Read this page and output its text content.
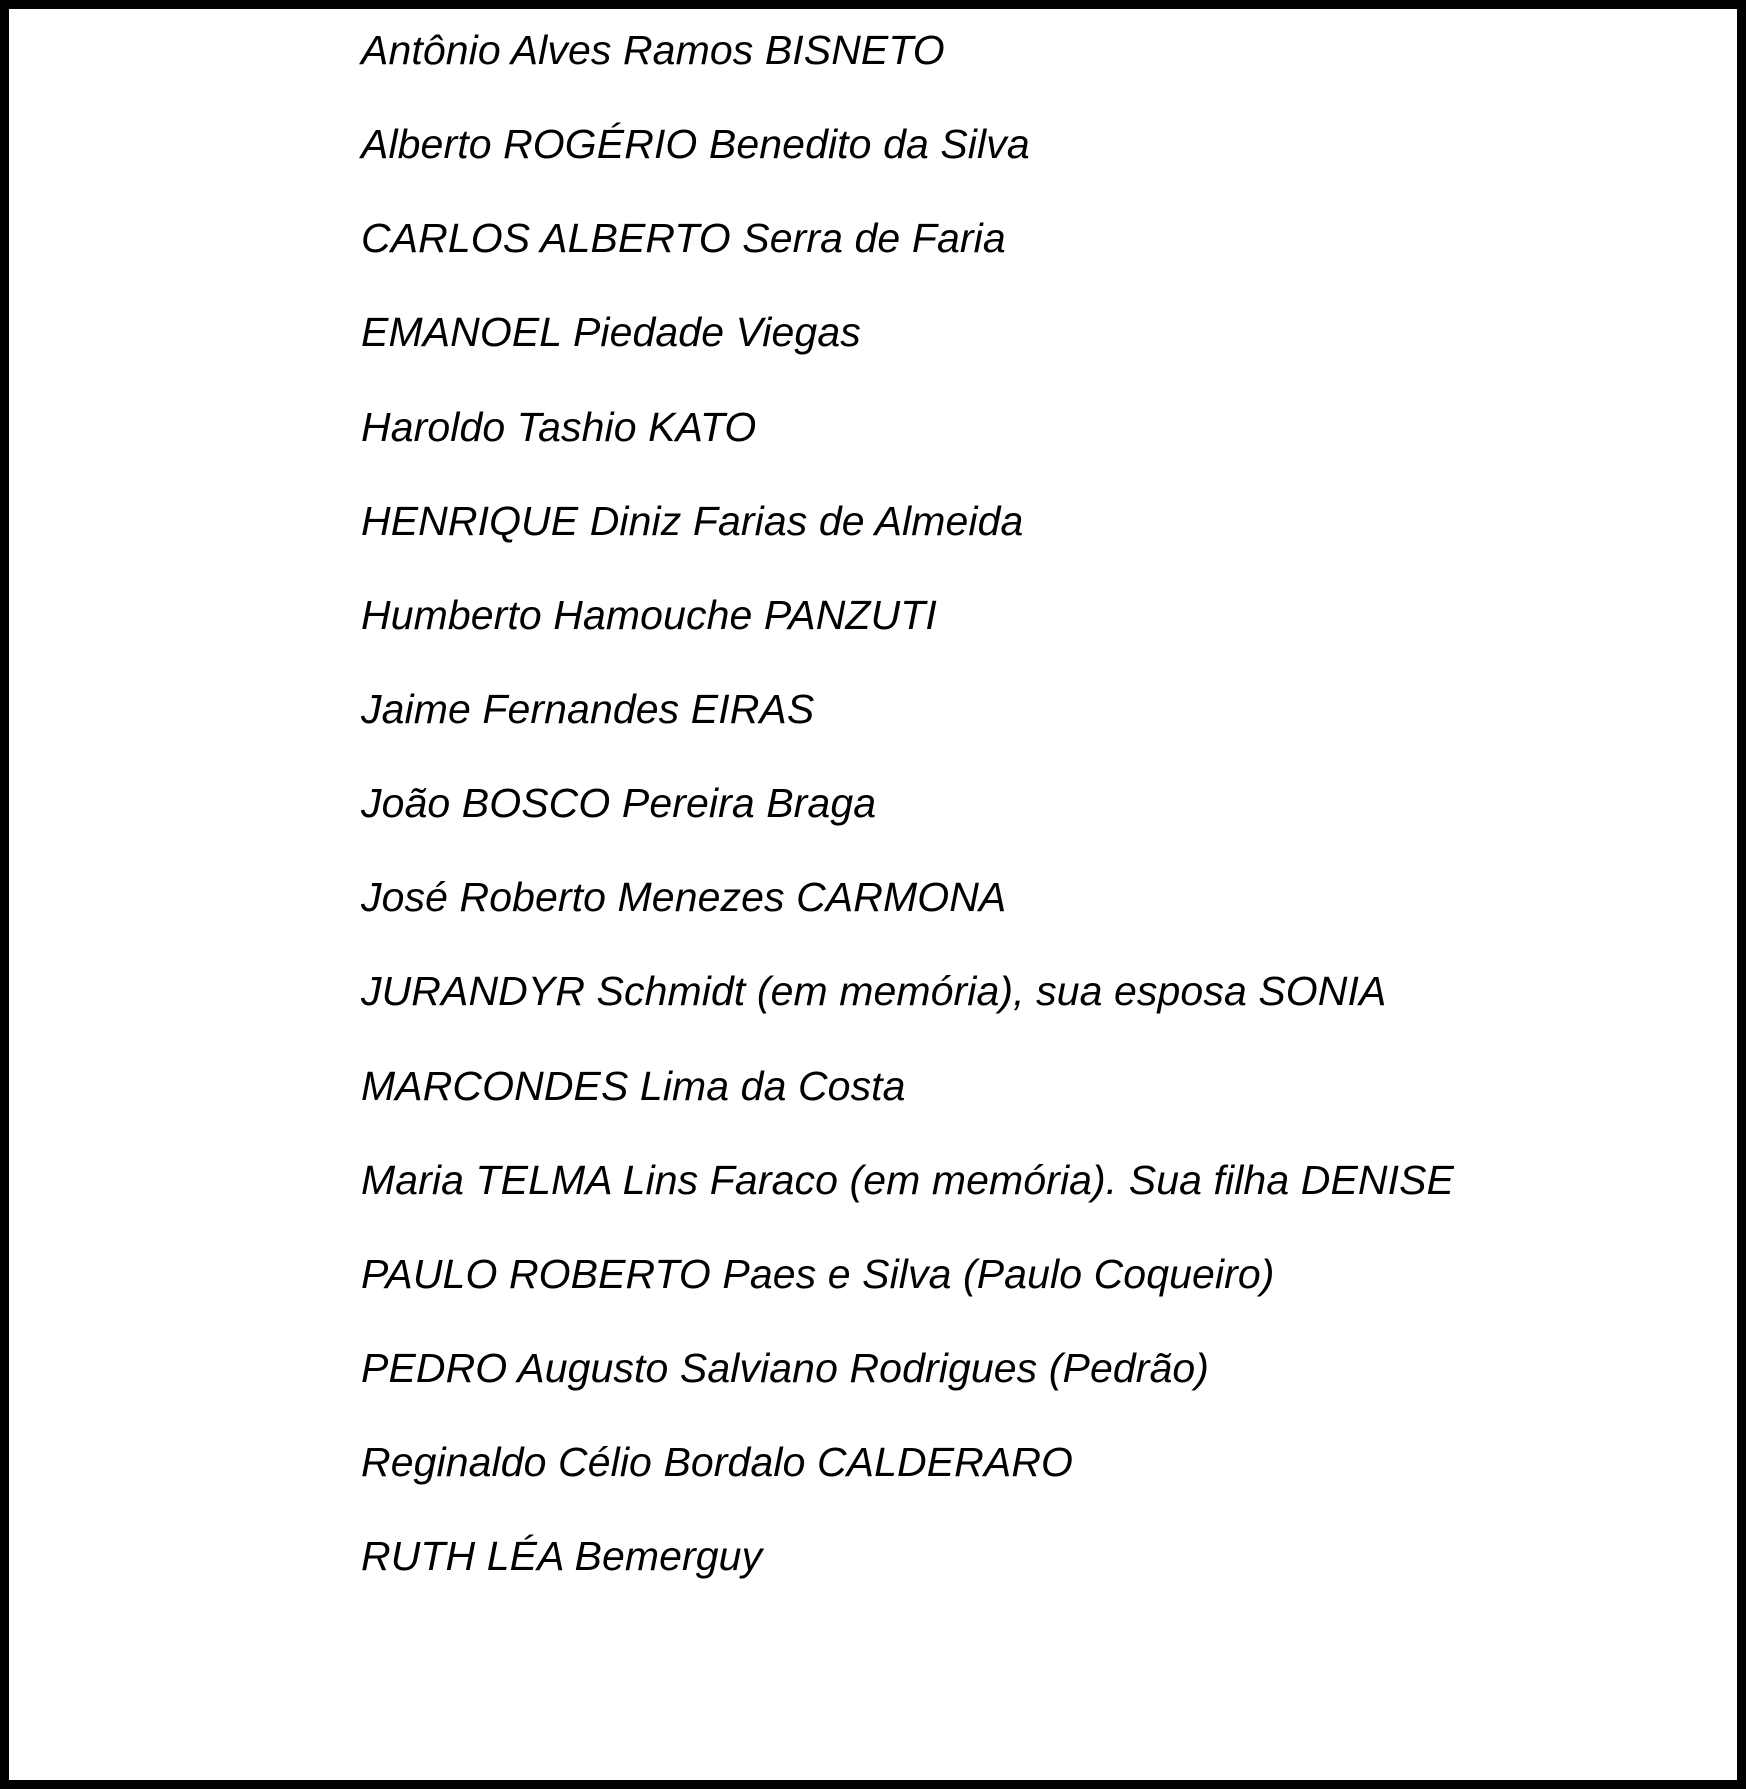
Antônio Alves Ramos BISNETO
Alberto ROGÉRIO Benedito da Silva
CARLOS ALBERTO Serra de Faria
EMANOEL Piedade Viegas
Haroldo Tashio KATO
HENRIQUE Diniz Farias de Almeida
Humberto Hamouche PANZUTI
Jaime Fernandes EIRAS
João BOSCO Pereira Braga
José Roberto Menezes CARMONA
JURANDYR Schmidt (em memória), sua esposa SONIA
MARCONDES Lima da Costa
Maria TELMA Lins Faraco (em memória). Sua filha DENISE
PAULO ROBERTO Paes e Silva (Paulo Coqueiro)
PEDRO Augusto Salviano Rodrigues (Pedrão)
Reginaldo Célio Bordalo CALDERARO
RUTH LÉA Bemerguy
